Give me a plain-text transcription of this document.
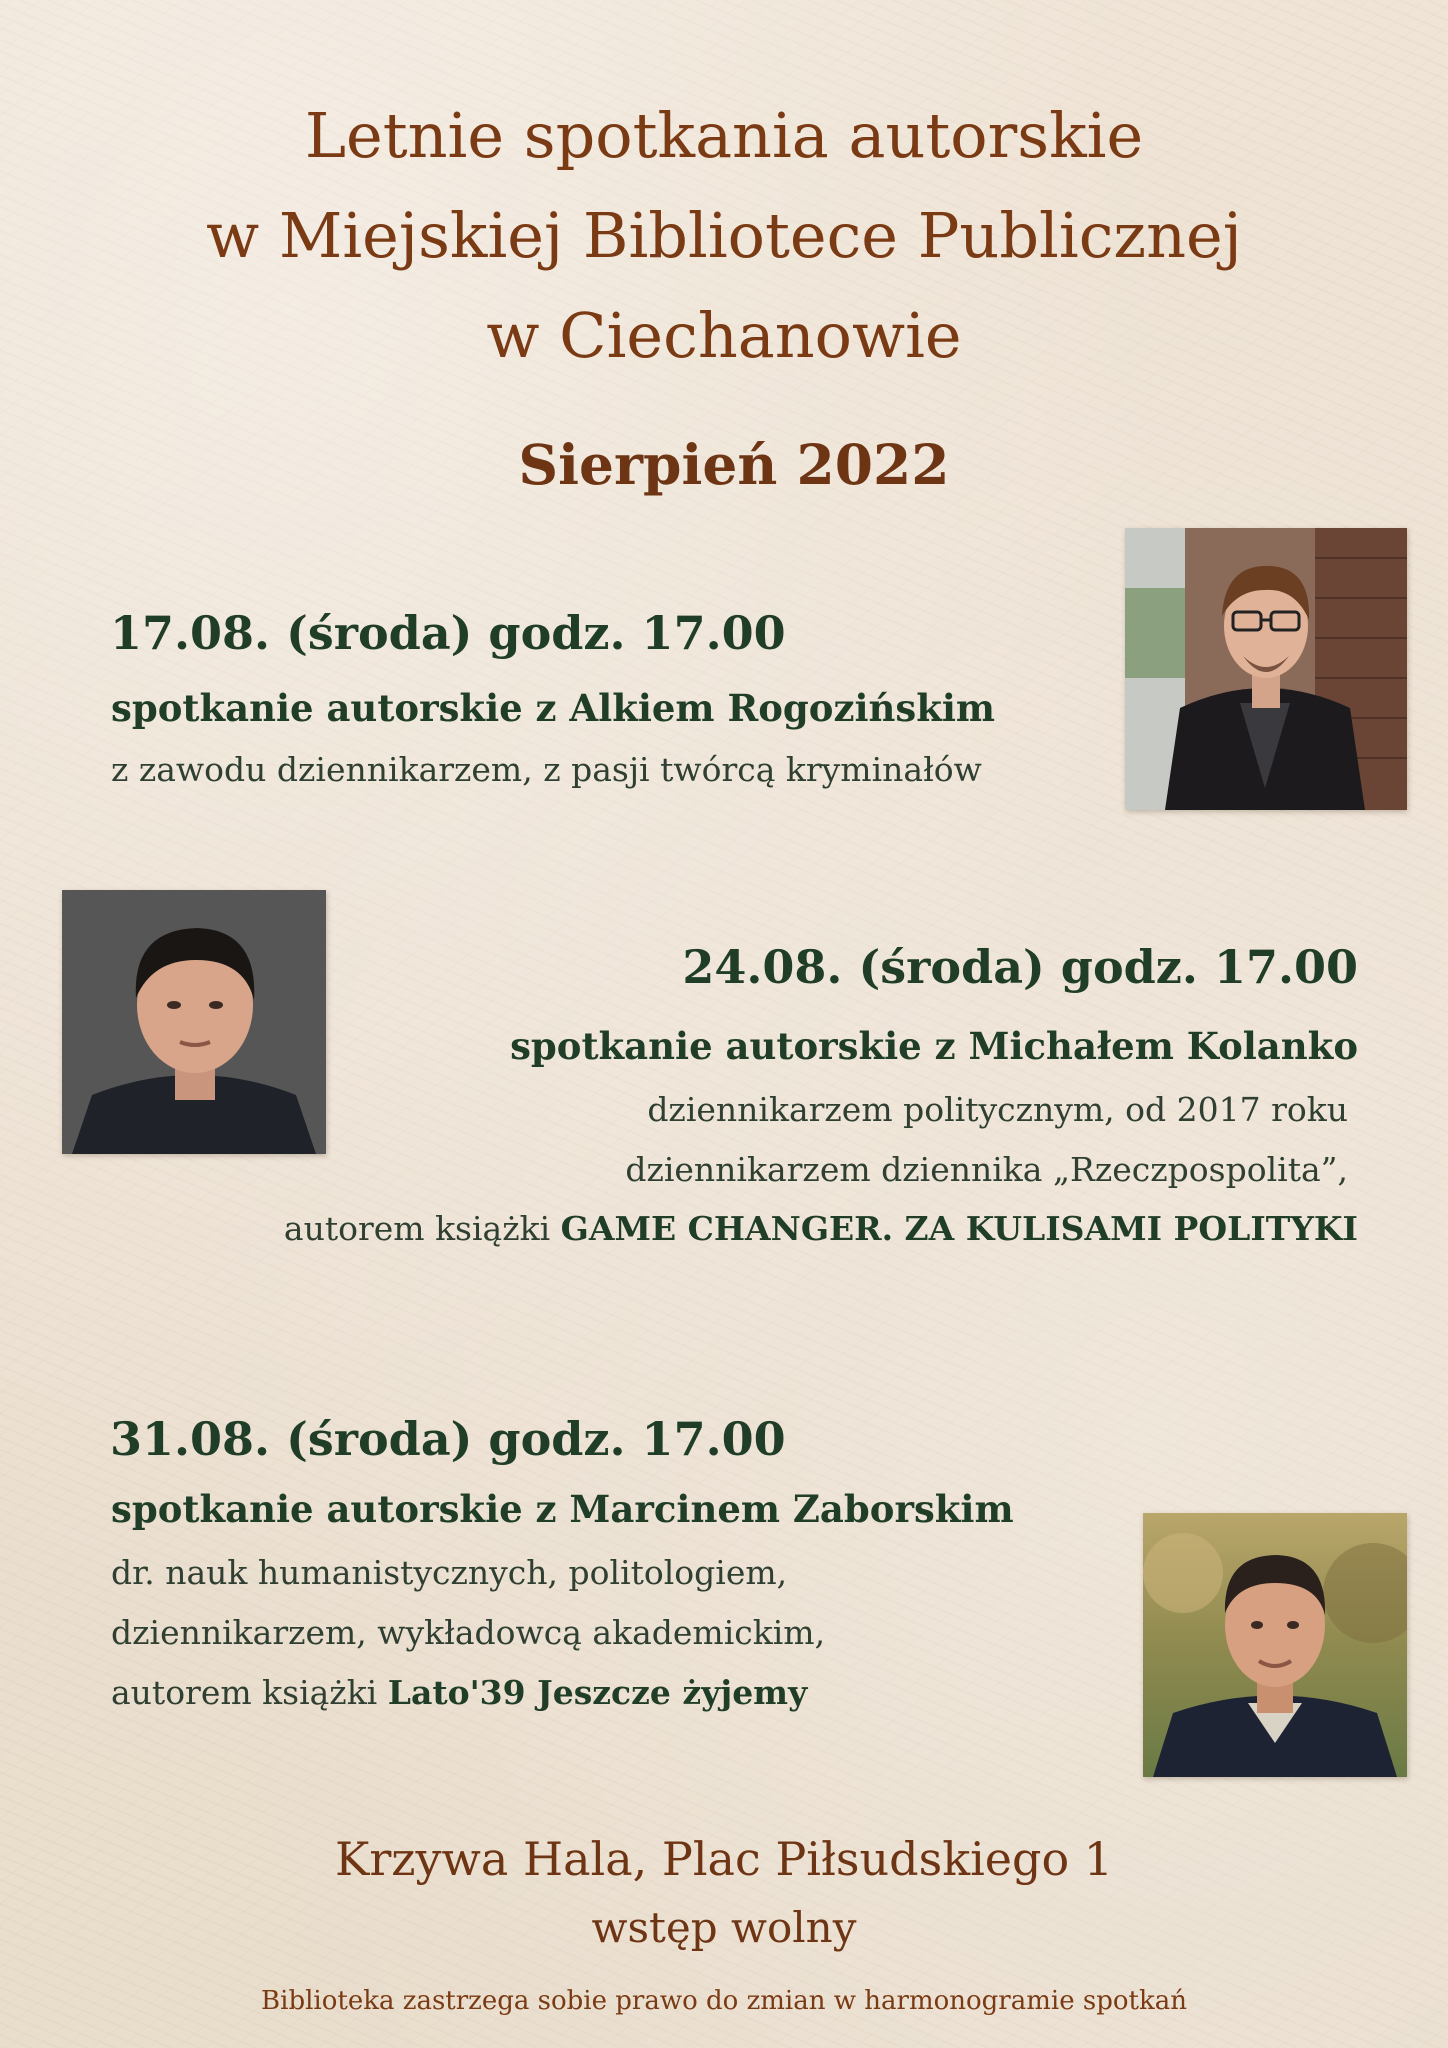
Letnie spotkania autorskie
w Miejskiej Bibliotece Publicznej
w Ciechanowie
Sierpień 2022
17.08. (środa) godz. 17.00
spotkanie autorskie z Alkiem Rogozińskim
z zawodu dziennikarzem, z pasji twórcą kryminałów
24.08. (środa) godz. 17.00
spotkanie autorskie z Michałem Kolanko
dziennikarzem politycznym, od 2017 roku
dziennikarzem dziennika „Rzeczpospolita”,
autorem książki GAME CHANGER. ZA KULISAMI POLITYKI
31.08. (środa) godz. 17.00
spotkanie autorskie z Marcinem Zaborskim
dr. nauk humanistycznych, politologiem,
dziennikarzem, wykładowcą akademickim,
autorem książki Lato'39 Jeszcze żyjemy
Krzywa Hala, Plac Piłsudskiego 1
wstęp wolny
Biblioteka zastrzega sobie prawo do zmian w harmonogramie spotkań
